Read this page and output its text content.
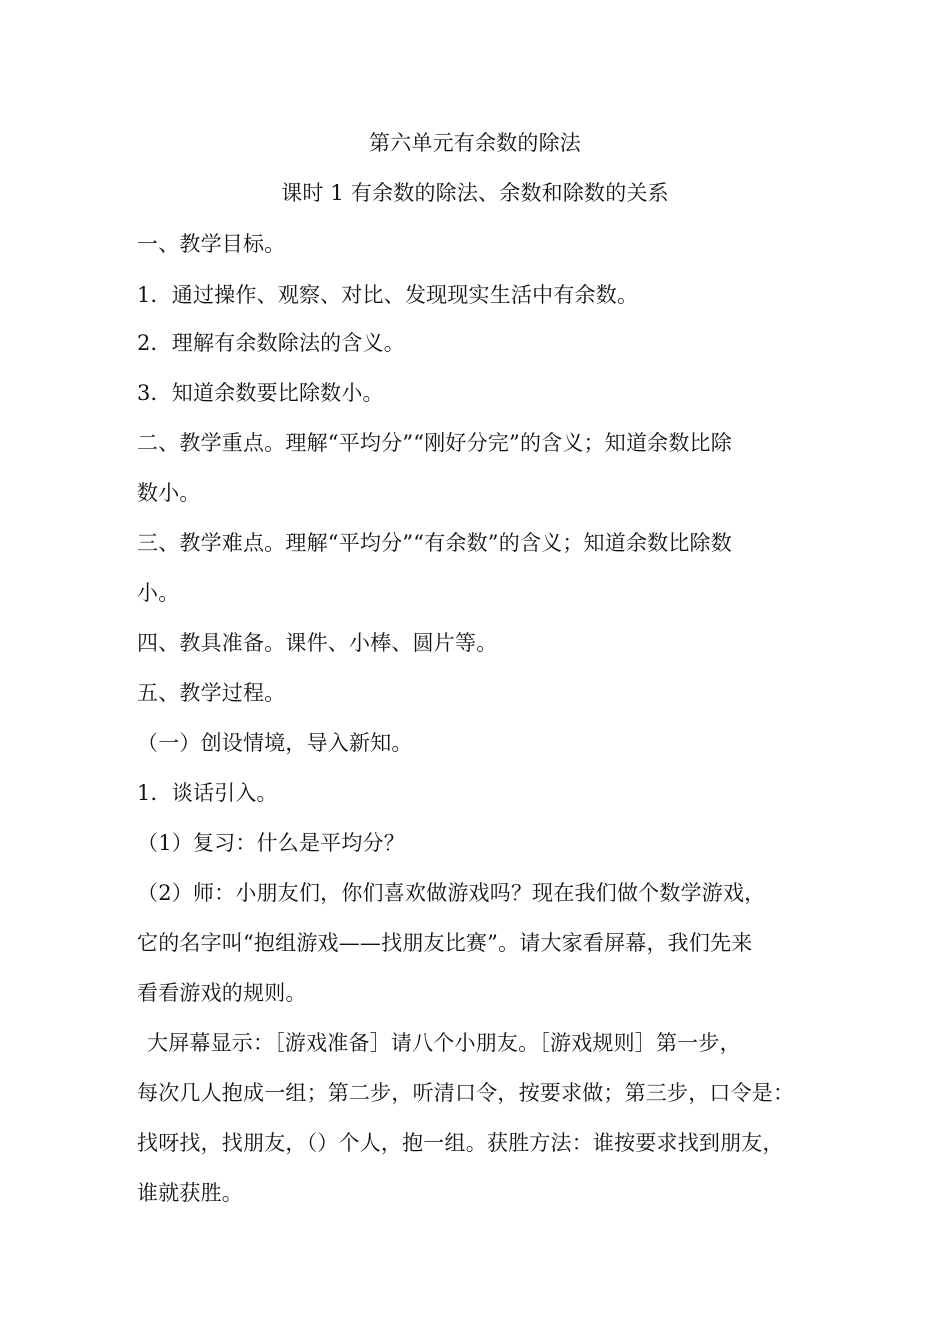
第六单元有余数的除法
课时 1 有余数的除法、余数和除数的关系
一、教学目标。
1．通过操作、观察、对比、发现现实生活中有余数。
2．理解有余数除法的含义。
3．知道余数要比除数小。
二、教学重点。理解“平均分”“刚好分完”的含义；知道余数比除
数小。
三、教学难点。理解“平均分”“有余数”的含义；知道余数比除数
小。
四、教具准备。课件、小棒、圆片等。
五、教学过程。
（一）创设情境，导入新知。
1．谈话引入。
（1）复习：什么是平均分？
（2）师：小朋友们，你们喜欢做游戏吗？现在我们做个数学游戏，
它的名字叫“抱组游戏——找朋友比赛”。请大家看屏幕，我们先来
看看游戏的规则。
大屏幕显示：［游戏准备］请八个小朋友。［游戏规则］第一步，
每次几人抱成一组；第二步，听清口令，按要求做；第三步，口令是：
找呀找，找朋友，（）个人，抱一组。获胜方法：谁按要求找到朋友，
谁就获胜。
